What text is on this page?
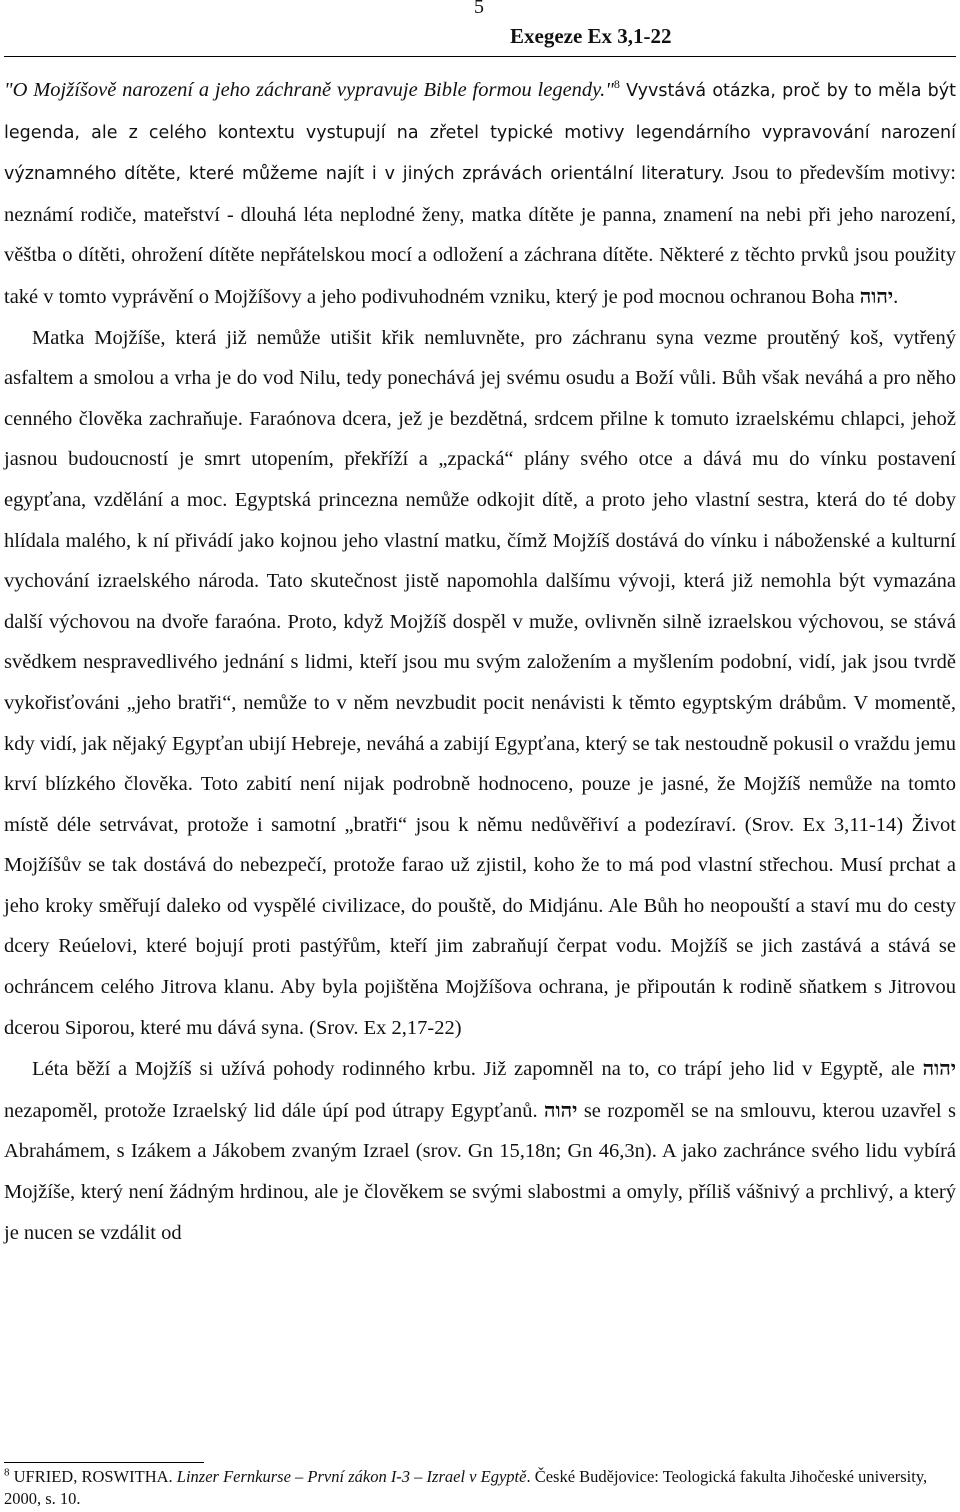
5
Exegeze Ex 3,1-22

"O Mojžíšově narození a jeho záchraně vypravuje Bible formou legendy."$^8$ Vyvstává otázka, proč by to měla být legenda, ale z celého kontextu vystupují na zřetel typické motivy legendárního vypravování narození významného dítěte, které můžeme najít i v jiných zprávách orientální literatury. Jsou to především motivy: neznámí rodiče, mateřství - dlouhá léta neplodné ženy, matka dítěte je panna, znamení na nebi při jeho narození, věštba o dítěti, ohrožení dítěte nepřátelskou mocí a odložení a záchrana dítěte. Některé z těchto prvků jsou použity také v tomto vyprávění o Mojžíšovy a jeho podivuhodném vzniku, který je pod mocnou ochranou Boha יהוה.

Matka Mojžíše, která již nemůže utišit křik nemluvněte, pro záchranu syna vezme proutěný koš, vytřený asfaltem a smolou a vrha je do vod Nilu, tedy ponechává jej svému osudu a Boží vůli. Bůh však neváhá a pro něho cenného člověka zachraňuje. Faraónova dcera, jež je bezdětná, srdcem přilne k tomuto izraelskému chlapci, jehož jasnou budoucností je smrt utopením, překříží a „zpacká“ plány svého otce a dává mu do vínku postavení egypťana, vzdělání a moc. Egyptská princezna nemůže odkojit dítě, a proto jeho vlastní sestra, která do té doby hlídala malého, k ní přivádí jako kojnou jeho vlastní matku, čímž Mojžíš dostává do vínku i náboženské a kulturní vychování izraelského národa. Tato skutečnost jistě napomohla dalšímu vývoji, která již nemohla být vymazána další výchovou na dvoře faraóna. Proto, když Mojžíš dospěl v muže, ovlivněn silně izraelskou výchovou, se stává svědkem nespravedlivého jednání s lidmi, kteří jsou mu svým založením a myšlením podobní, vidí, jak jsou tvrdě vykořisťováni „jeho bratři“, nemůže to v něm nevzbudit pocit nenávisti k těmto egyptským drábům. V momentě, kdy vidí, jak nějaký Egypťan ubijí Hebreje, neváhá a zabijí Egypťana, který se tak nestoudně pokusil o vraždu jemu krví blízkého člověka. Toto zabití není nijak podrobně hodnoceno, pouze je jasné, že Mojžíš nemůže na tomto místě déle setrvávat, protože i samotní „bratři“ jsou k němu nedůvěřiví a podezíraví. (Srov. Ex 3,11-14) Život Mojžíšův se tak dostává do nebezpečí, protože farao už zjistil, koho že to má pod vlastní střechou. Musí prchat a jeho kroky směřují daleko od vyspělé civilizace, do pouště, do Midjánu. Ale Bůh ho neopouští a staví mu do cesty dcery Reúelovi, které bojují proti pastýřům, kteří jim zabraňují čerpat vodu. Mojžíš se jich zastává a stává se ochráncem celého Jitrova klanu. Aby byla pojištěna Mojžíšova ochrana, je připoután k rodině sňatkem s Jitrovou dcerou Siporou, které mu dává syna. (Srov. Ex 2,17-22)

Léta běží a Mojžíš si užívá pohody rodinného krbu. Již zapomněl na to, co trápí jeho lid v Egyptě, ale יהוה nezapoměl, protože Izraelský lid dále úpí pod útrapy Egypťanů. יהוה se rozpoměl se na smlouvu, kterou uzavřel s Abrahámem, s Izákem a Jákobem zvaným Izrael (srov. Gn 15,18n; Gn 46,3n). A jako zachránce svého lidu vybírá Mojžíše, který není žádným hrdinou, ale je člověkem se svými slabostmi a omyly, příliš vášnivý a prchlivý, a který je nucen se vzdálit od

$^8$ UFRIED, ROSWITHA. Linzer Fernkurse – První zákon I-3 – Izrael v Egyptě. České Budějovice: Teologická fakulta Jihočeské university, 2000, s. 10.
